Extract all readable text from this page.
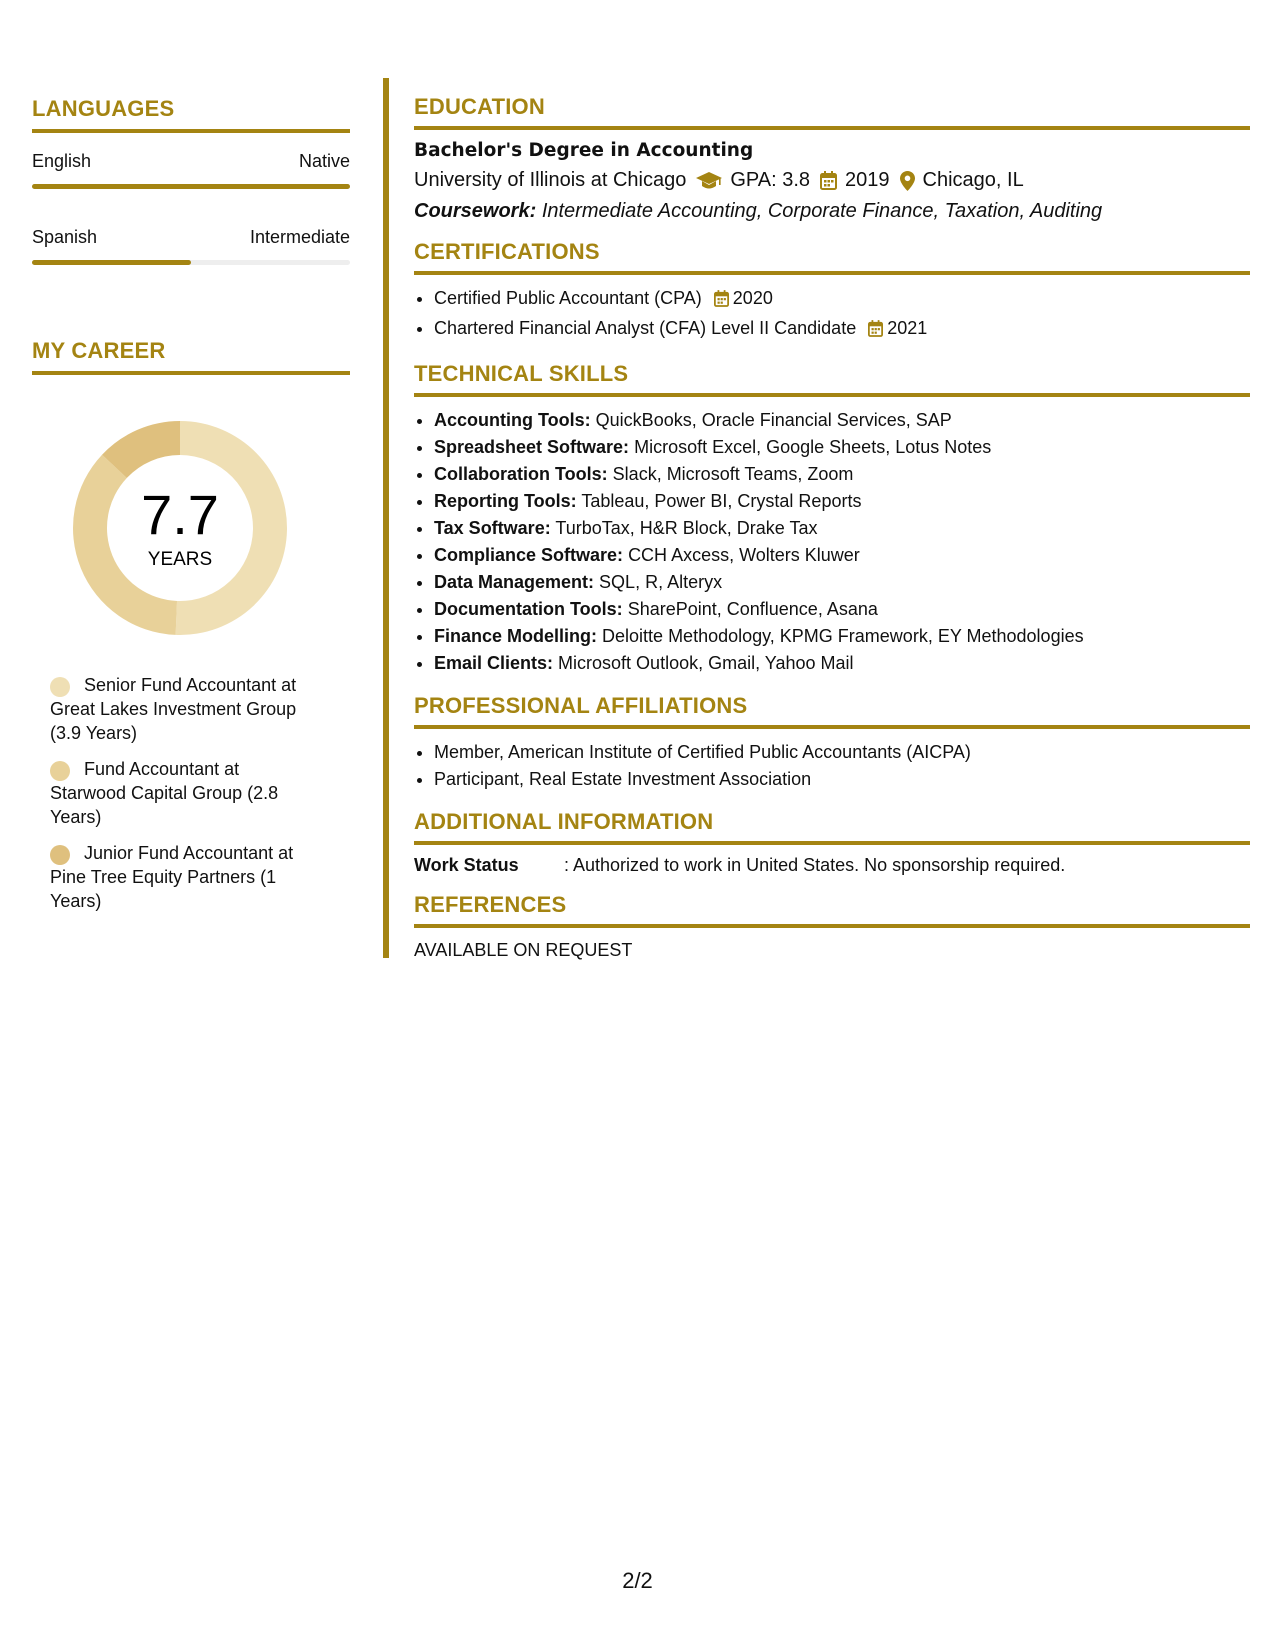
LANGUAGES
English	Native
Spanish	Intermediate
MY CAREER
7.7
YEARS
Senior Fund Accountant at Great Lakes Investment Group (3.9 Years)
Fund Accountant at Starwood Capital Group (2.8 Years)
Junior Fund Accountant at Pine Tree Equity Partners (1 Years)
EDUCATION
Bachelor's Degree in Accounting
University of Illinois at Chicago GPA: 3.8 2019 Chicago, IL
Coursework: Intermediate Accounting, Corporate Finance, Taxation, Auditing
CERTIFICATIONS
• Certified Public Accountant (CPA) 2020
• Chartered Financial Analyst (CFA) Level II Candidate 2021
TECHNICAL SKILLS
• Accounting Tools: QuickBooks, Oracle Financial Services, SAP
• Spreadsheet Software: Microsoft Excel, Google Sheets, Lotus Notes
• Collaboration Tools: Slack, Microsoft Teams, Zoom
• Reporting Tools: Tableau, Power BI, Crystal Reports
• Tax Software: TurboTax, H&R Block, Drake Tax
• Compliance Software: CCH Axcess, Wolters Kluwer
• Data Management: SQL, R, Alteryx
• Documentation Tools: SharePoint, Confluence, Asana
• Finance Modelling: Deloitte Methodology, KPMG Framework, EY Methodologies
• Email Clients: Microsoft Outlook, Gmail, Yahoo Mail
PROFESSIONAL AFFILIATIONS
• Member, American Institute of Certified Public Accountants (AICPA)
• Participant, Real Estate Investment Association
ADDITIONAL INFORMATION
Work Status	: Authorized to work in United States. No sponsorship required.
REFERENCES
AVAILABLE ON REQUEST
2/2
